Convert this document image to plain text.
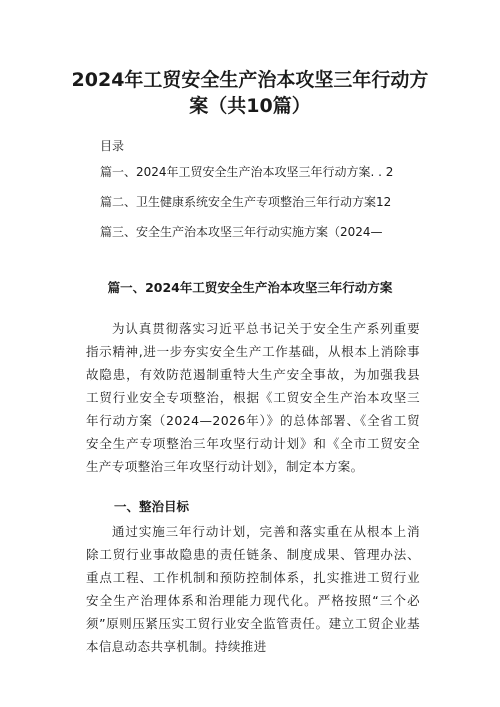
2024年工贸安全生产治本攻坚三年行动方
案（共10篇）
目录
篇一、2024年工贸安全生产治本攻坚三年行动方案. . 2
篇二、卫生健康系统安全生产专项整治三年行动方案12
篇三、安全生产治本攻坚三年行动实施方案（2024—
篇一、2024年工贸安全生产治本攻坚三年行动方案
为认真贯彻落实习近平总书记关于安全生产系列重要指示精神,进一步夯实安全生产工作基础，从根本上消除事故隐患，有效防范遏制重特大生产安全事故，为加强我县工贸行业安全专项整治，根据《工贸安全生产治本攻坚三年行动方案（2024—2026年）》的总体部署、《全省工贸安全生产专项整治三年攻坚行动计划》和《全市工贸安全生产专项整治三年攻坚行动计划》，制定本方案。
一、整治目标
通过实施三年行动计划，完善和落实重在从根本上消除工贸行业事故隐患的责任链条、制度成果、管理办法、重点工程、工作机制和预防控制体系，扎实推进工贸行业安全生产治理体系和治理能力现代化。严格按照“三个必须”原则压紧压实工贸行业安全监管责任。建立工贸企业基本信息动态共享机制。持续推进
